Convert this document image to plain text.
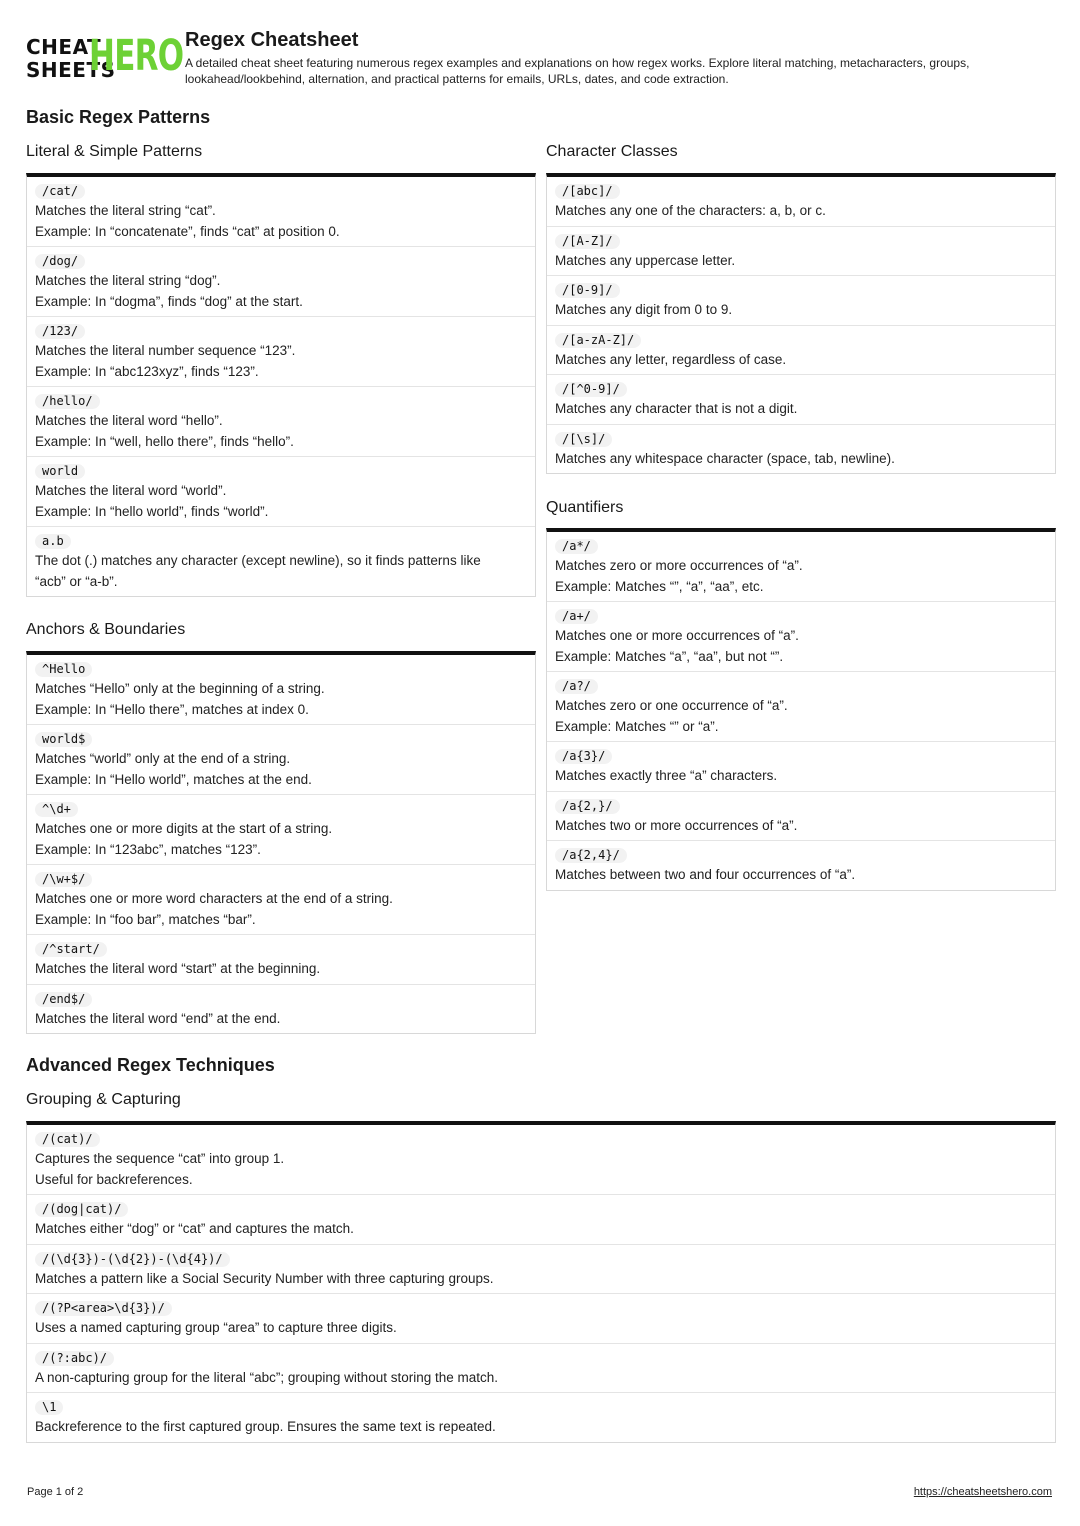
CHEAT
SHEETS
HERO Regex Cheatsheet
A detailed cheat sheet featuring numerous regex examples and explanations on how regex works. Explore literal matching, metacharacters, groups, lookahead/lookbehind, alternation, and practical patterns for emails, URLs, dates, and code extraction.
Basic Regex Patterns
Literal & Simple Patterns
/cat/
Matches the literal string “cat”.
Example: In “concatenate”, finds “cat” at position 0.
/dog/
Matches the literal string “dog”.
Example: In “dogma”, finds “dog” at the start.
/123/
Matches the literal number sequence “123”.
Example: In “abc123xyz”, finds “123”.
/hello/
Matches the literal word “hello”.
Example: In “well, hello there”, finds “hello”.
world
Matches the literal word “world”.
Example: In “hello world”, finds “world”.
a.b
The dot (.) matches any character (except newline), so it finds patterns like
“acb” or “a-b”.
Anchors & Boundaries
^Hello
Matches “Hello” only at the beginning of a string.
Example: In “Hello there”, matches at index 0.
world$
Matches “world” only at the end of a string.
Example: In “Hello world”, matches at the end.
^\d+
Matches one or more digits at the start of a string.
Example: In “123abc”, matches “123”.
/\w+$/
Matches one or more word characters at the end of a string.
Example: In “foo bar”, matches “bar”.
/^start/
Matches the literal word “start” at the beginning.
/end$/
Matches the literal word “end” at the end.
Character Classes
/[abc]/
Matches any one of the characters: a, b, or c.
/[A-Z]/
Matches any uppercase letter.
/[0-9]/
Matches any digit from 0 to 9.
/[a-zA-Z]/
Matches any letter, regardless of case.
/[^0-9]/
Matches any character that is not a digit.
/[\s]/
Matches any whitespace character (space, tab, newline).
Quantifiers
/a*/
Matches zero or more occurrences of “a”.
Example: Matches “”, “a”, “aa”, etc.
/a+/
Matches one or more occurrences of “a”.
Example: Matches “a”, “aa”, but not “”.
/a?/
Matches zero or one occurrence of “a”.
Example: Matches “” or “a”.
/a{3}/
Matches exactly three “a” characters.
/a{2,}/
Matches two or more occurrences of “a”.
/a{2,4}/
Matches between two and four occurrences of “a”.
Advanced Regex Techniques
Grouping & Capturing
/(cat)/
Captures the sequence “cat” into group 1.
Useful for backreferences.
/(dog|cat)/
Matches either “dog” or “cat” and captures the match.
/(\d{3})-(\d{2})-(\d{4})/
Matches a pattern like a Social Security Number with three capturing groups.
/(?P<area>\d{3})/
Uses a named capturing group “area” to capture three digits.
/(?:abc)/
A non-capturing group for the literal “abc”; grouping without storing the match.
\1
Backreference to the first captured group. Ensures the same text is repeated.
Page 1 of 2	https://cheatsheetshero.com
